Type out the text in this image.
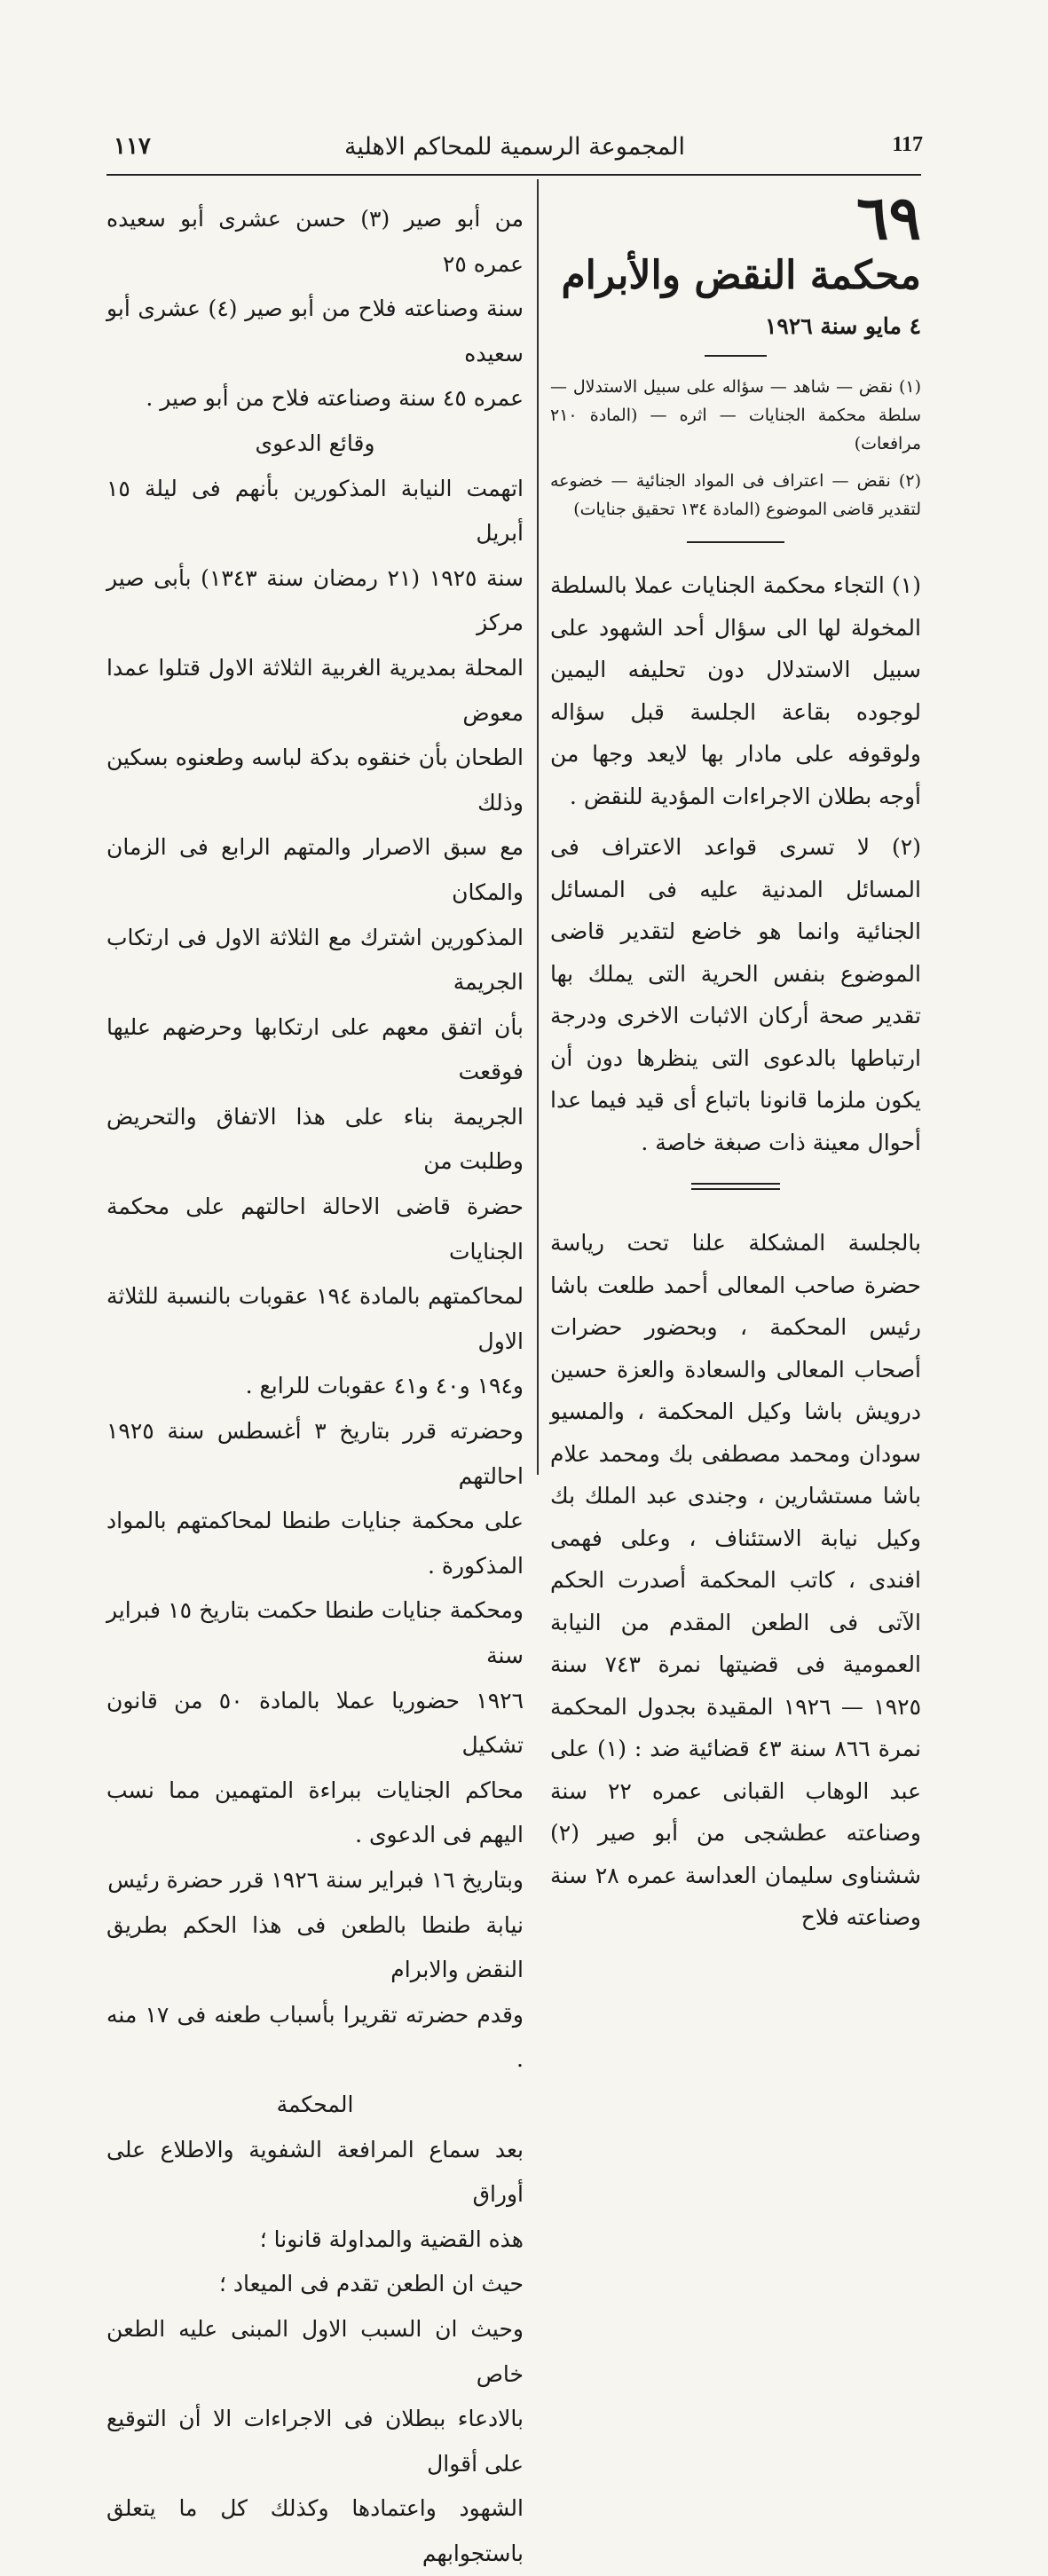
١١٧	المجموعة الرسمية للمحاكم الاهلية	117
٦٩
محكمة النقض والأبرام
٤ مايو سنة ١٩٢٦

(١) نقض — شاهد — سؤاله على سبيل الاستدلال — سلطة محكمة الجنايات — اثره — (المادة ٢١٠ مرافعات)

(٢) نقض — اعتراف فى المواد الجنائية — خضوعه لتقدير قاضى الموضوع (المادة ١٣٤ تحقيق جنايات)

(١) التجاء محكمة الجنايات عملا بالسلطة المخولة لها الى سؤال أحد الشهود على سبيل الاستدلال دون تحليفه اليمين لوجوده بقاعة الجلسة قبل سؤاله ولوقوفه على مادار بها لايعد وجها من أوجه بطلان الاجراءات المؤدية للنقض .

(٢) لا تسرى قواعد الاعتراف فى المسائل المدنية عليه فى المسائل الجنائية وانما هو خاضع لتقدير قاضى الموضوع بنفس الحرية التى يملك بها تقدير صحة أركان الاثبات الاخرى ودرجة ارتباطها بالدعوى التى ينظرها دون أن يكون ملزما قانونا باتباع أى قيد فيما عدا أحوال معينة ذات صبغة خاصة .

بالجلسة المشكلة علنا تحت رياسة حضرة صاحب المعالى أحمد طلعت باشا رئيس المحكمة ، وبحضور حضرات أصحاب المعالى والسعادة والعزة حسين درويش باشا وكيل المحكمة ، والمسيو سودان ومحمد مصطفى بك ومحمد علام باشا مستشارين ، وجندى عبد الملك بك وكيل نيابة الاستئناف ، وعلى فهمى افندى ، كاتب المحكمة أصدرت الحكم الآتى فى الطعن المقدم من النيابة العمومية فى قضيتها نمرة ٧٤٣ سنة ١٩٢٥ — ١٩٢٦ المقيدة بجدول المحكمة نمرة ٨٦٦ سنة ٤٣ قضائية ضد : (١) على عبد الوهاب القبانى عمره ٢٢ سنة وصناعته عطشجى من أبو صير (٢) ششناوى سليمان العداسة عمره ٢٨ سنة وصناعته فلاح

من أبو صير (٣) حسن عشرى أبو سعيده عمره ٢٥

سنة وصناعته فلاح من أبو صير (٤) عشرى أبو سعيده

عمره ٤٥ سنة وصناعته فلاح من أبو صير .

وقائع الدعوى

اتهمت النيابة المذكورين بأنهم فى ليلة ١٥ أبريل

سنة ١٩٢٥ (٢١ رمضان سنة ١٣٤٣) بأبى صير مركز

المحلة بمديرية الغربية الثلاثة الاول قتلوا عمدا معوض

الطحان بأن خنقوه بدكة لباسه وطعنوه بسكين وذلك

مع سبق الاصرار والمتهم الرابع فى الزمان والمكان

المذكورين اشترك مع الثلاثة الاول فى ارتكاب الجريمة

بأن اتفق معهم على ارتكابها وحرضهم عليها فوقعت

الجريمة بناء على هذا الاتفاق والتحريض وطلبت من

حضرة قاضى الاحالة احالتهم على محكمة الجنايات

لمحاكمتهم بالمادة ١٩٤ عقوبات بالنسبة للثلاثة الاول

و١٩٤ و٤٠ و٤١ عقوبات للرابع .

وحضرته قرر بتاريخ ٣ أغسطس سنة ١٩٢٥ احالتهم

على محكمة جنايات طنطا لمحاكمتهم بالمواد المذكورة .

ومحكمة جنايات طنطا حكمت بتاريخ ١٥ فبراير سنة

١٩٢٦ حضوريا عملا بالمادة ٥٠ من قانون تشكيل

محاكم الجنايات ببراءة المتهمين مما نسب اليهم فى الدعوى .

وبتاريخ ١٦ فبراير سنة ١٩٢٦ قرر حضرة رئيس

نيابة طنطا بالطعن فى هذا الحكم بطريق النقض والابرام

وقدم حضرته تقريرا بأسباب طعنه فى ١٧ منه .

المحكمة

بعد سماع المرافعة الشفوية والاطلاع على أوراق

هذه القضية والمداولة قانونا ؛

حيث ان الطعن تقدم فى الميعاد ؛

وحيث ان السبب الاول المبنى عليه الطعن خاص

بالادعاء ببطلان فى الاجراءات الا أن التوقيع على أقوال

الشهود واعتمادها وكذلك كل ما يتعلق باستجوابهم
